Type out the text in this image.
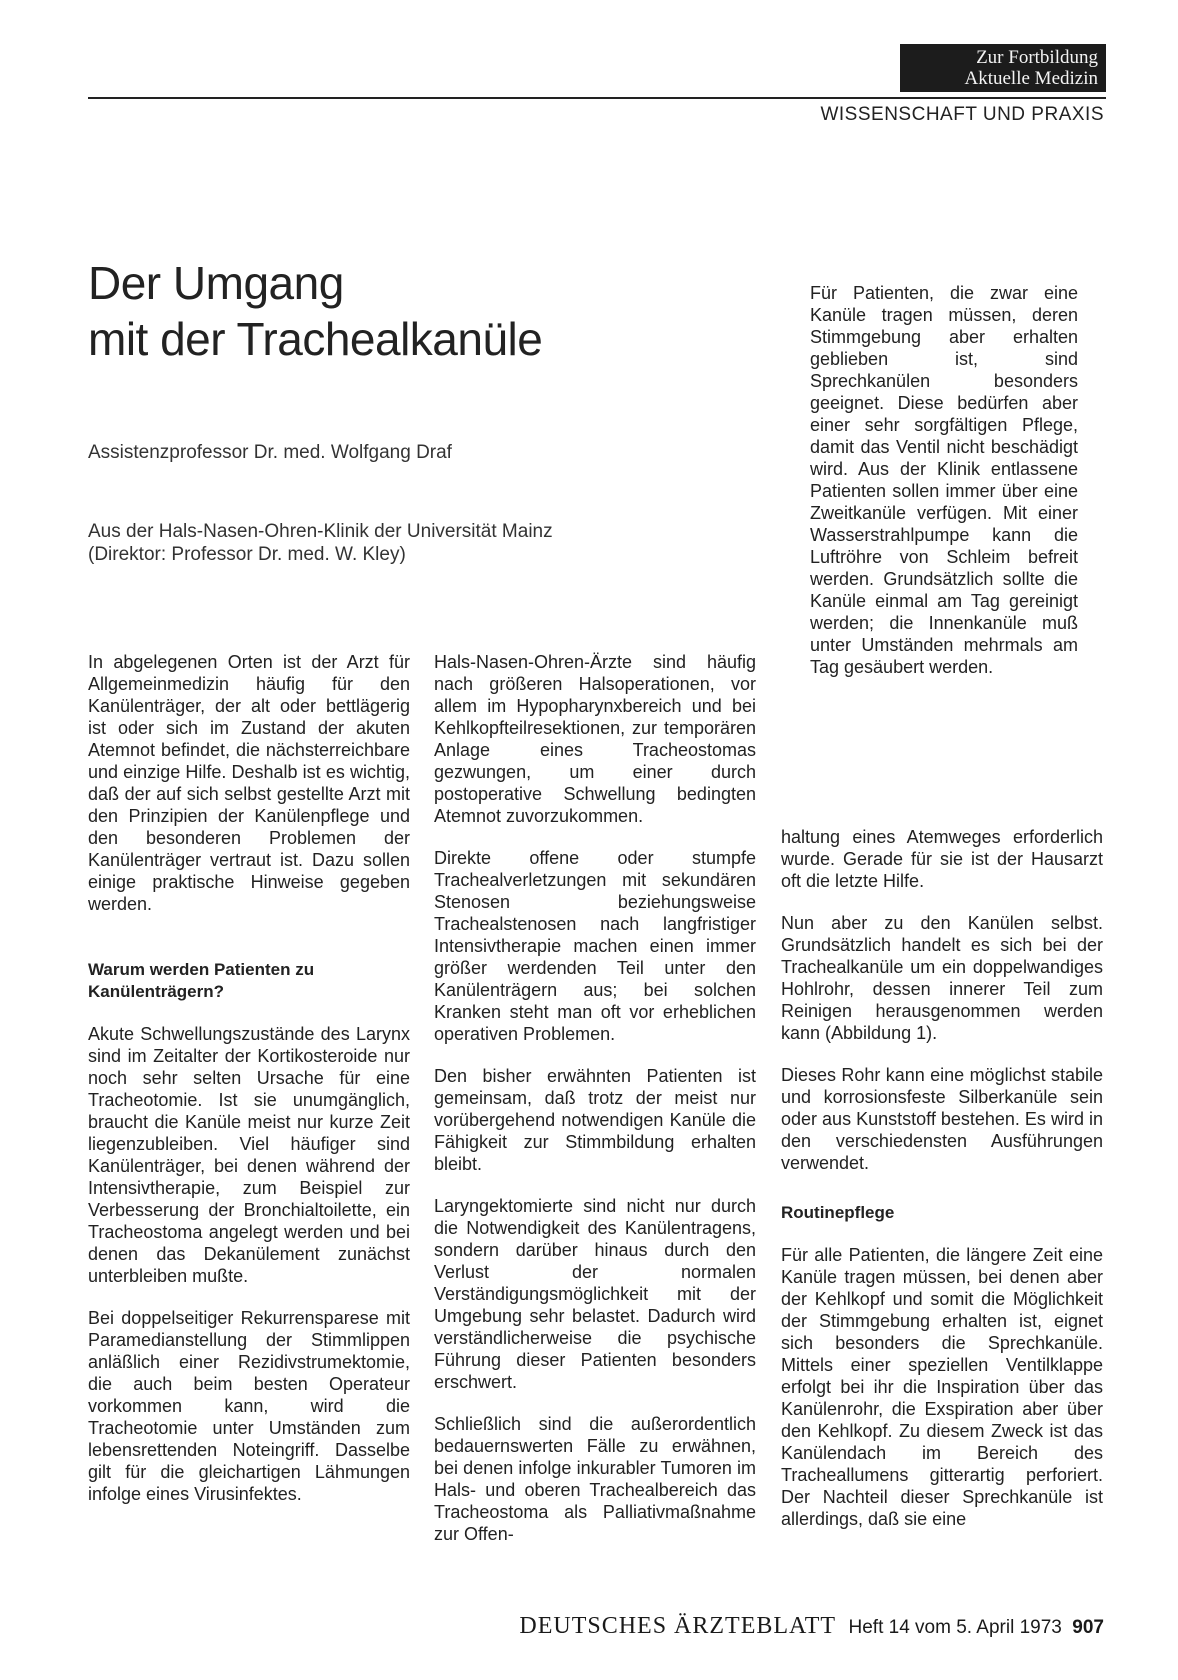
Zur Fortbildung
Aktuelle Medizin
WISSENSCHAFT UND PRAXIS
Der Umgang
mit der Trachealkanüle
Assistenzprofessor Dr. med. Wolfgang Draf
Aus der Hals-Nasen-Ohren-Klinik der Universität Mainz
(Direktor: Professor Dr. med. W. Kley)

In abgelegenen Orten ist der Arzt für Allgemeinmedizin häufig für den Kanülenträger, der alt oder bettlägerig ist oder sich im Zustand der akuten Atemnot befindet, die nächsterreichbare und einzige Hilfe. Deshalb ist es wichtig, daß der auf sich selbst gestellte Arzt mit den Prinzipien der Kanülenpflege und den besonderen Problemen der Kanülenträger vertraut ist. Dazu sollen einige praktische Hinweise gegeben werden.

Warum werden Patienten zu Kanülenträgern?

Akute Schwellungszustände des Larynx sind im Zeitalter der Kortikosteroide nur noch sehr selten Ursache für eine Tracheotomie. Ist sie unumgänglich, braucht die Kanüle meist nur kurze Zeit liegenzubleiben. Viel häufiger sind Kanülenträger, bei denen während der Intensivtherapie, zum Beispiel zur Verbesserung der Bronchialtoilette, ein Tracheostoma angelegt werden und bei denen das Dekanülement zunächst unterbleiben mußte.

Bei doppelseitiger Rekurrensparese mit Paramedianstellung der Stimmlippen anläßlich einer Rezidivstrumektomie, die auch beim besten Operateur vorkommen kann, wird die Tracheotomie unter Umständen zum lebensrettenden Noteingriff. Dasselbe gilt für die gleichartigen Lähmungen infolge eines Virusinfektes.

Hals-Nasen-Ohren-Ärzte sind häufig nach größeren Halsoperationen, vor allem im Hypopharynxbereich und bei Kehlkopfteilresektionen, zur temporären Anlage eines Tracheostomas gezwungen, um einer durch postoperative Schwellung bedingten Atemnot zuvorzukommen.

Direkte offene oder stumpfe Trachealverletzungen mit sekundären Stenosen beziehungsweise Trachealstenosen nach langfristiger Intensivtherapie machen einen immer größer werdenden Teil unter den Kanülenträgern aus; bei solchen Kranken steht man oft vor erheblichen operativen Problemen.

Den bisher erwähnten Patienten ist gemeinsam, daß trotz der meist nur vorübergehend notwendigen Kanüle die Fähigkeit zur Stimmbildung erhalten bleibt.

Laryngektomierte sind nicht nur durch die Notwendigkeit des Kanülentragens, sondern darüber hinaus durch den Verlust der normalen Verständigungsmöglichkeit mit der Umgebung sehr belastet. Dadurch wird verständlicherweise die psychische Führung dieser Patienten besonders erschwert.

Schließlich sind die außerordentlich bedauernswerten Fälle zu erwähnen, bei denen infolge inkurabler Tumoren im Hals- und oberen Trachealbereich das Tracheostoma als Palliativmaßnahme zur Offen-

Für Patienten, die zwar eine Kanüle tragen müssen, deren Stimmgebung aber erhalten geblieben ist, sind Sprechkanülen besonders geeignet. Diese bedürfen aber einer sehr sorgfältigen Pflege, damit das Ventil nicht beschädigt wird. Aus der Klinik entlassene Patienten sollen immer über eine Zweitkanüle verfügen. Mit einer Wasserstrahlpumpe kann die Luftröhre von Schleim befreit werden. Grundsätzlich sollte die Kanüle einmal am Tag gereinigt werden; die Innenkanüle muß unter Umständen mehrmals am Tag gesäubert werden.

haltung eines Atemweges erforderlich wurde. Gerade für sie ist der Hausarzt oft die letzte Hilfe.

Nun aber zu den Kanülen selbst. Grundsätzlich handelt es sich bei der Trachealkanüle um ein doppelwandiges Hohlrohr, dessen innerer Teil zum Reinigen herausgenommen werden kann (Abbildung 1).

Dieses Rohr kann eine möglichst stabile und korrosionsfeste Silberkanüle sein oder aus Kunststoff bestehen. Es wird in den verschiedensten Ausführungen verwendet.

Routinepflege

Für alle Patienten, die längere Zeit eine Kanüle tragen müssen, bei denen aber der Kehlkopf und somit die Möglichkeit der Stimmgebung erhalten ist, eignet sich besonders die Sprechkanüle. Mittels einer speziellen Ventilklappe erfolgt bei ihr die Inspiration über das Kanülenrohr, die Exspiration aber über den Kehlkopf. Zu diesem Zweck ist das Kanülendach im Bereich des Tracheallumens gitterartig perforiert. Der Nachteil dieser Sprechkanüle ist allerdings, daß sie eine

DEUTSCHES ÄRZTEBLATT Heft 14 vom 5. April 1973 907
